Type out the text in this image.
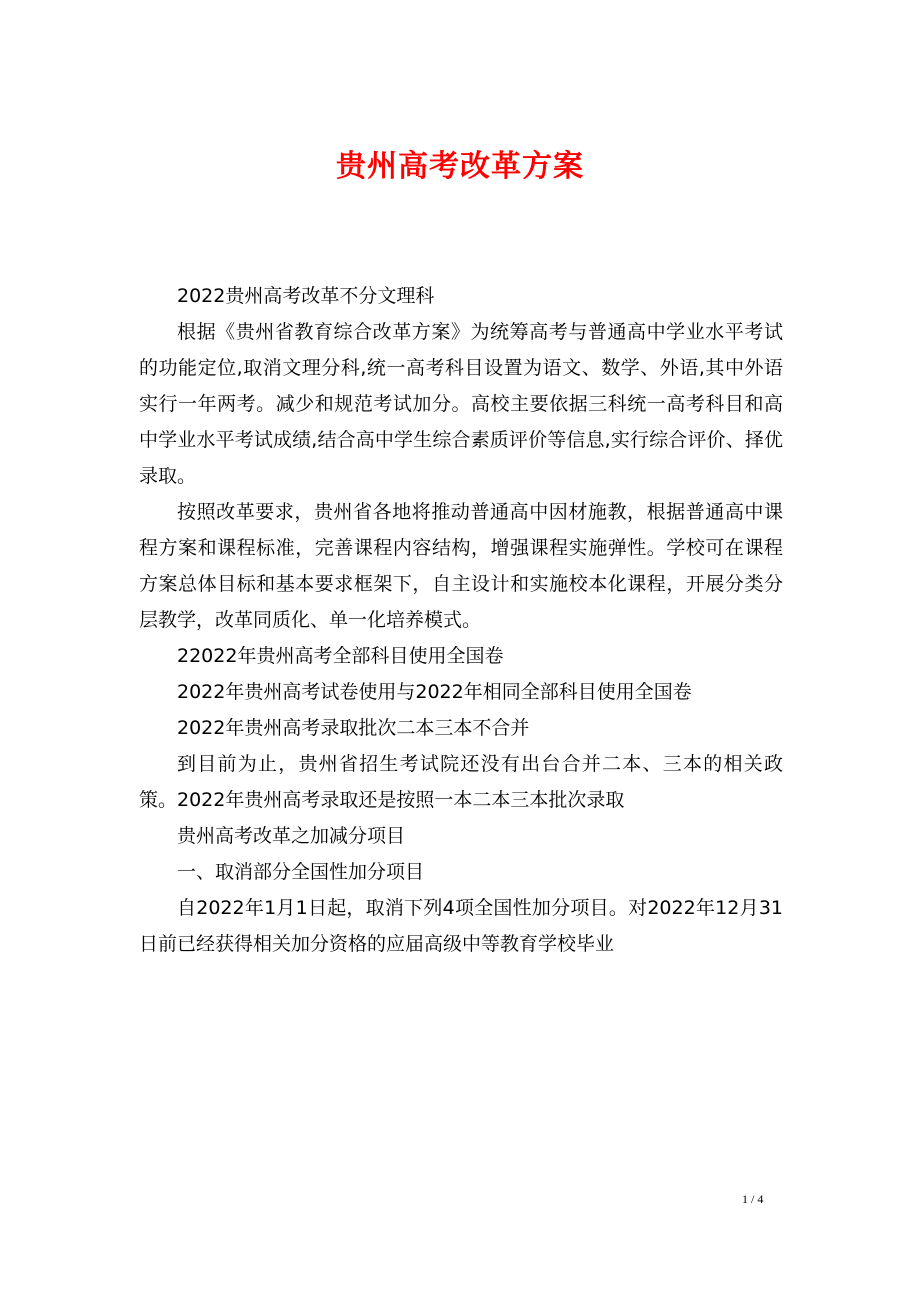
贵州高考改革方案

2022贵州高考改革不分文理科

根据《贵州省教育综合改革方案》为统筹高考与普通高中学业水平考试的功能定位,取消文理分科,统一高考科目设置为语文、数学、外语,其中外语实行一年两考。减少和规范考试加分。高校主要依据三科统一高考科目和高中学业水平考试成绩,结合高中学生综合素质评价等信息,实行综合评价、择优录取。

按照改革要求，贵州省各地将推动普通高中因材施教，根据普通高中课程方案和课程标准，完善课程内容结构，增强课程实施弹性。学校可在课程方案总体目标和基本要求框架下，自主设计和实施校本化课程，开展分类分层教学，改革同质化、单一化培养模式。

22022年贵州高考全部科目使用全国卷

2022年贵州高考试卷使用与2022年相同全部科目使用全国卷

2022年贵州高考录取批次二本三本不合并

到目前为止，贵州省招生考试院还没有出台合并二本、三本的相关政策。2022年贵州高考录取还是按照一本二本三本批次录取

贵州高考改革之加减分项目

一、取消部分全国性加分项目

自2022年1月1日起，取消下列4项全国性加分项目。对2022年12月31日前已经获得相关加分资格的应届高级中等教育学校毕业

1 / 4
